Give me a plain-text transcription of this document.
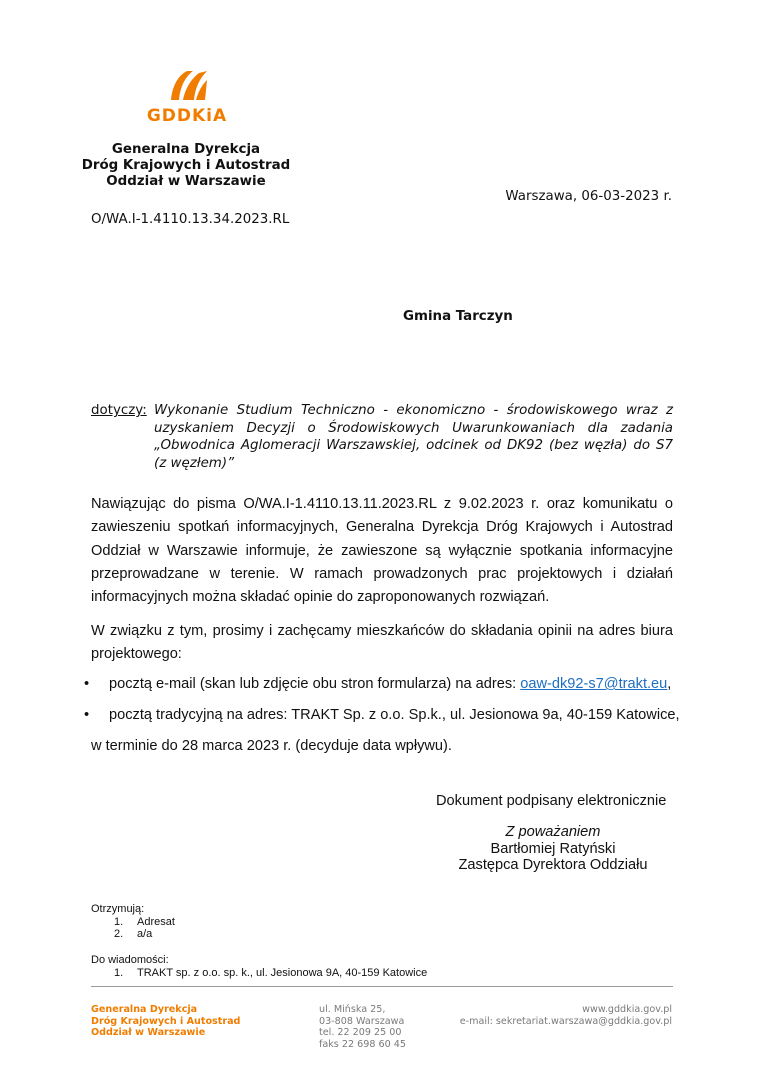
GDDKiA
Generalna Dyrekcja
Dróg Krajowych i Autostrad
Oddział w Warszawie
Warszawa, 06-03-2023 r.
O/WA.I-1.4110.13.34.2023.RL
Gmina Tarczyn
dotyczy: Wykonanie Studium Techniczno - ekonomiczno - środowiskowego wraz z uzyskaniem Decyzji o Środowiskowych Uwarunkowaniach dla zadania „Obwodnica Aglomeracji Warszawskiej, odcinek od DK92 (bez węzła) do S7 (z węzłem)”
Nawiązując do pisma O/WA.I-1.4110.13.11.2023.RL z 9.02.2023 r. oraz komunikatu o zawieszeniu spotkań informacyjnych, Generalna Dyrekcja Dróg Krajowych i Autostrad Oddział w Warszawie informuje, że zawieszone są wyłącznie spotkania informacyjne przeprowadzane w terenie. W ramach prowadzonych prac projektowych i działań informacyjnych można składać opinie do zaproponowanych rozwiązań.
W związku z tym, prosimy i zachęcamy mieszkańców do składania opinii na adres biura projektowego:
• pocztą e-mail (skan lub zdjęcie obu stron formularza) na adres: oaw-dk92-s7@trakt.eu,
• pocztą tradycyjną na adres: TRAKT Sp. z o.o. Sp.k., ul. Jesionowa 9a, 40-159 Katowice,
w terminie do 28 marca 2023 r. (decyduje data wpływu).
Dokument podpisany elektronicznie
Z poważaniem
Bartłomiej Ratyński
Zastępca Dyrektora Oddziału
Otrzymują:
1. Adresat
2. a/a
Do wiadomości:
1. TRAKT sp. z o.o. sp. k., ul. Jesionowa 9A, 40-159 Katowice
Generalna Dyrekcja
Dróg Krajowych i Autostrad
Oddział w Warszawie
ul. Mińska 25,
03-808 Warszawa
tel. 22 209 25 00
faks 22 698 60 45
www.gddkia.gov.pl
e-mail: sekretariat.warszawa@gddkia.gov.pl
